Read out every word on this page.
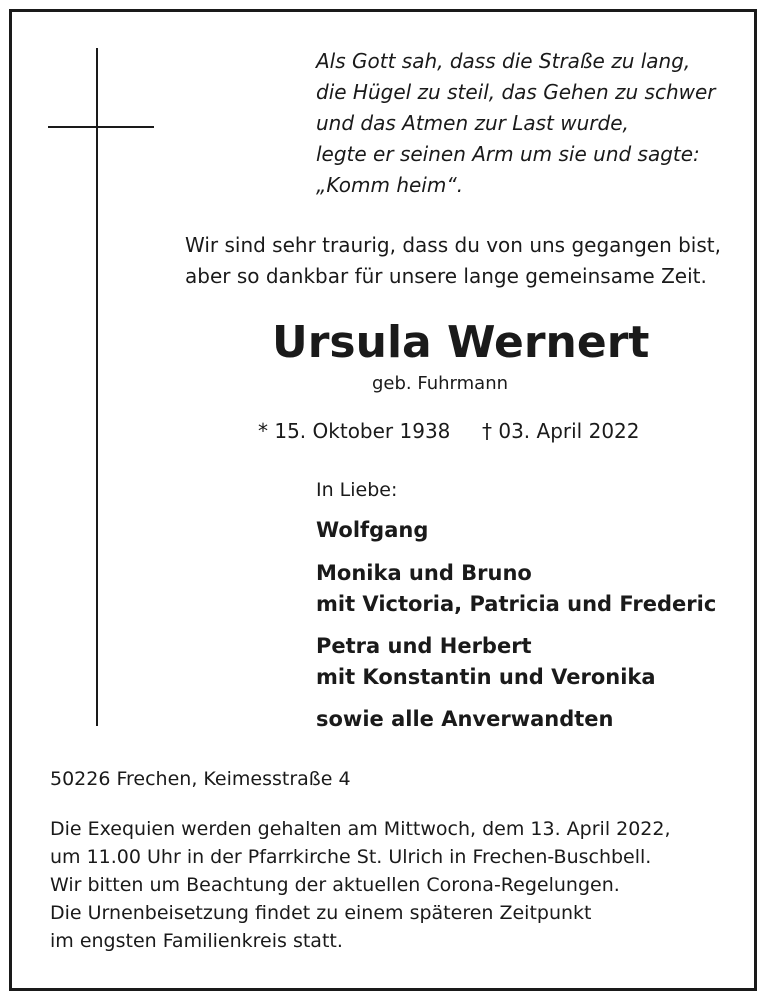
Als Gott sah, dass die Straße zu lang,
die Hügel zu steil, das Gehen zu schwer
und das Atmen zur Last wurde,
legte er seinen Arm um sie und sagte:
„Komm heim“.
Wir sind sehr traurig, dass du von uns gegangen bist,
aber so dankbar für unsere lange gemeinsame Zeit.
Ursula Wernert
geb. Fuhrmann
* 15. Oktober 1938 † 03. April 2022
In Liebe:
Wolfgang
Monika und Bruno
mit Victoria, Patricia und Frederic
Petra und Herbert
mit Konstantin und Veronika
sowie alle Anverwandten
50226 Frechen, Keimesstraße 4
Die Exequien werden gehalten am Mittwoch, dem 13. April 2022,
um 11.00 Uhr in der Pfarrkirche St. Ulrich in Frechen-Buschbell.
Wir bitten um Beachtung der aktuellen Corona-Regelungen.
Die Urnenbeisetzung findet zu einem späteren Zeitpunkt
im engsten Familienkreis statt.
